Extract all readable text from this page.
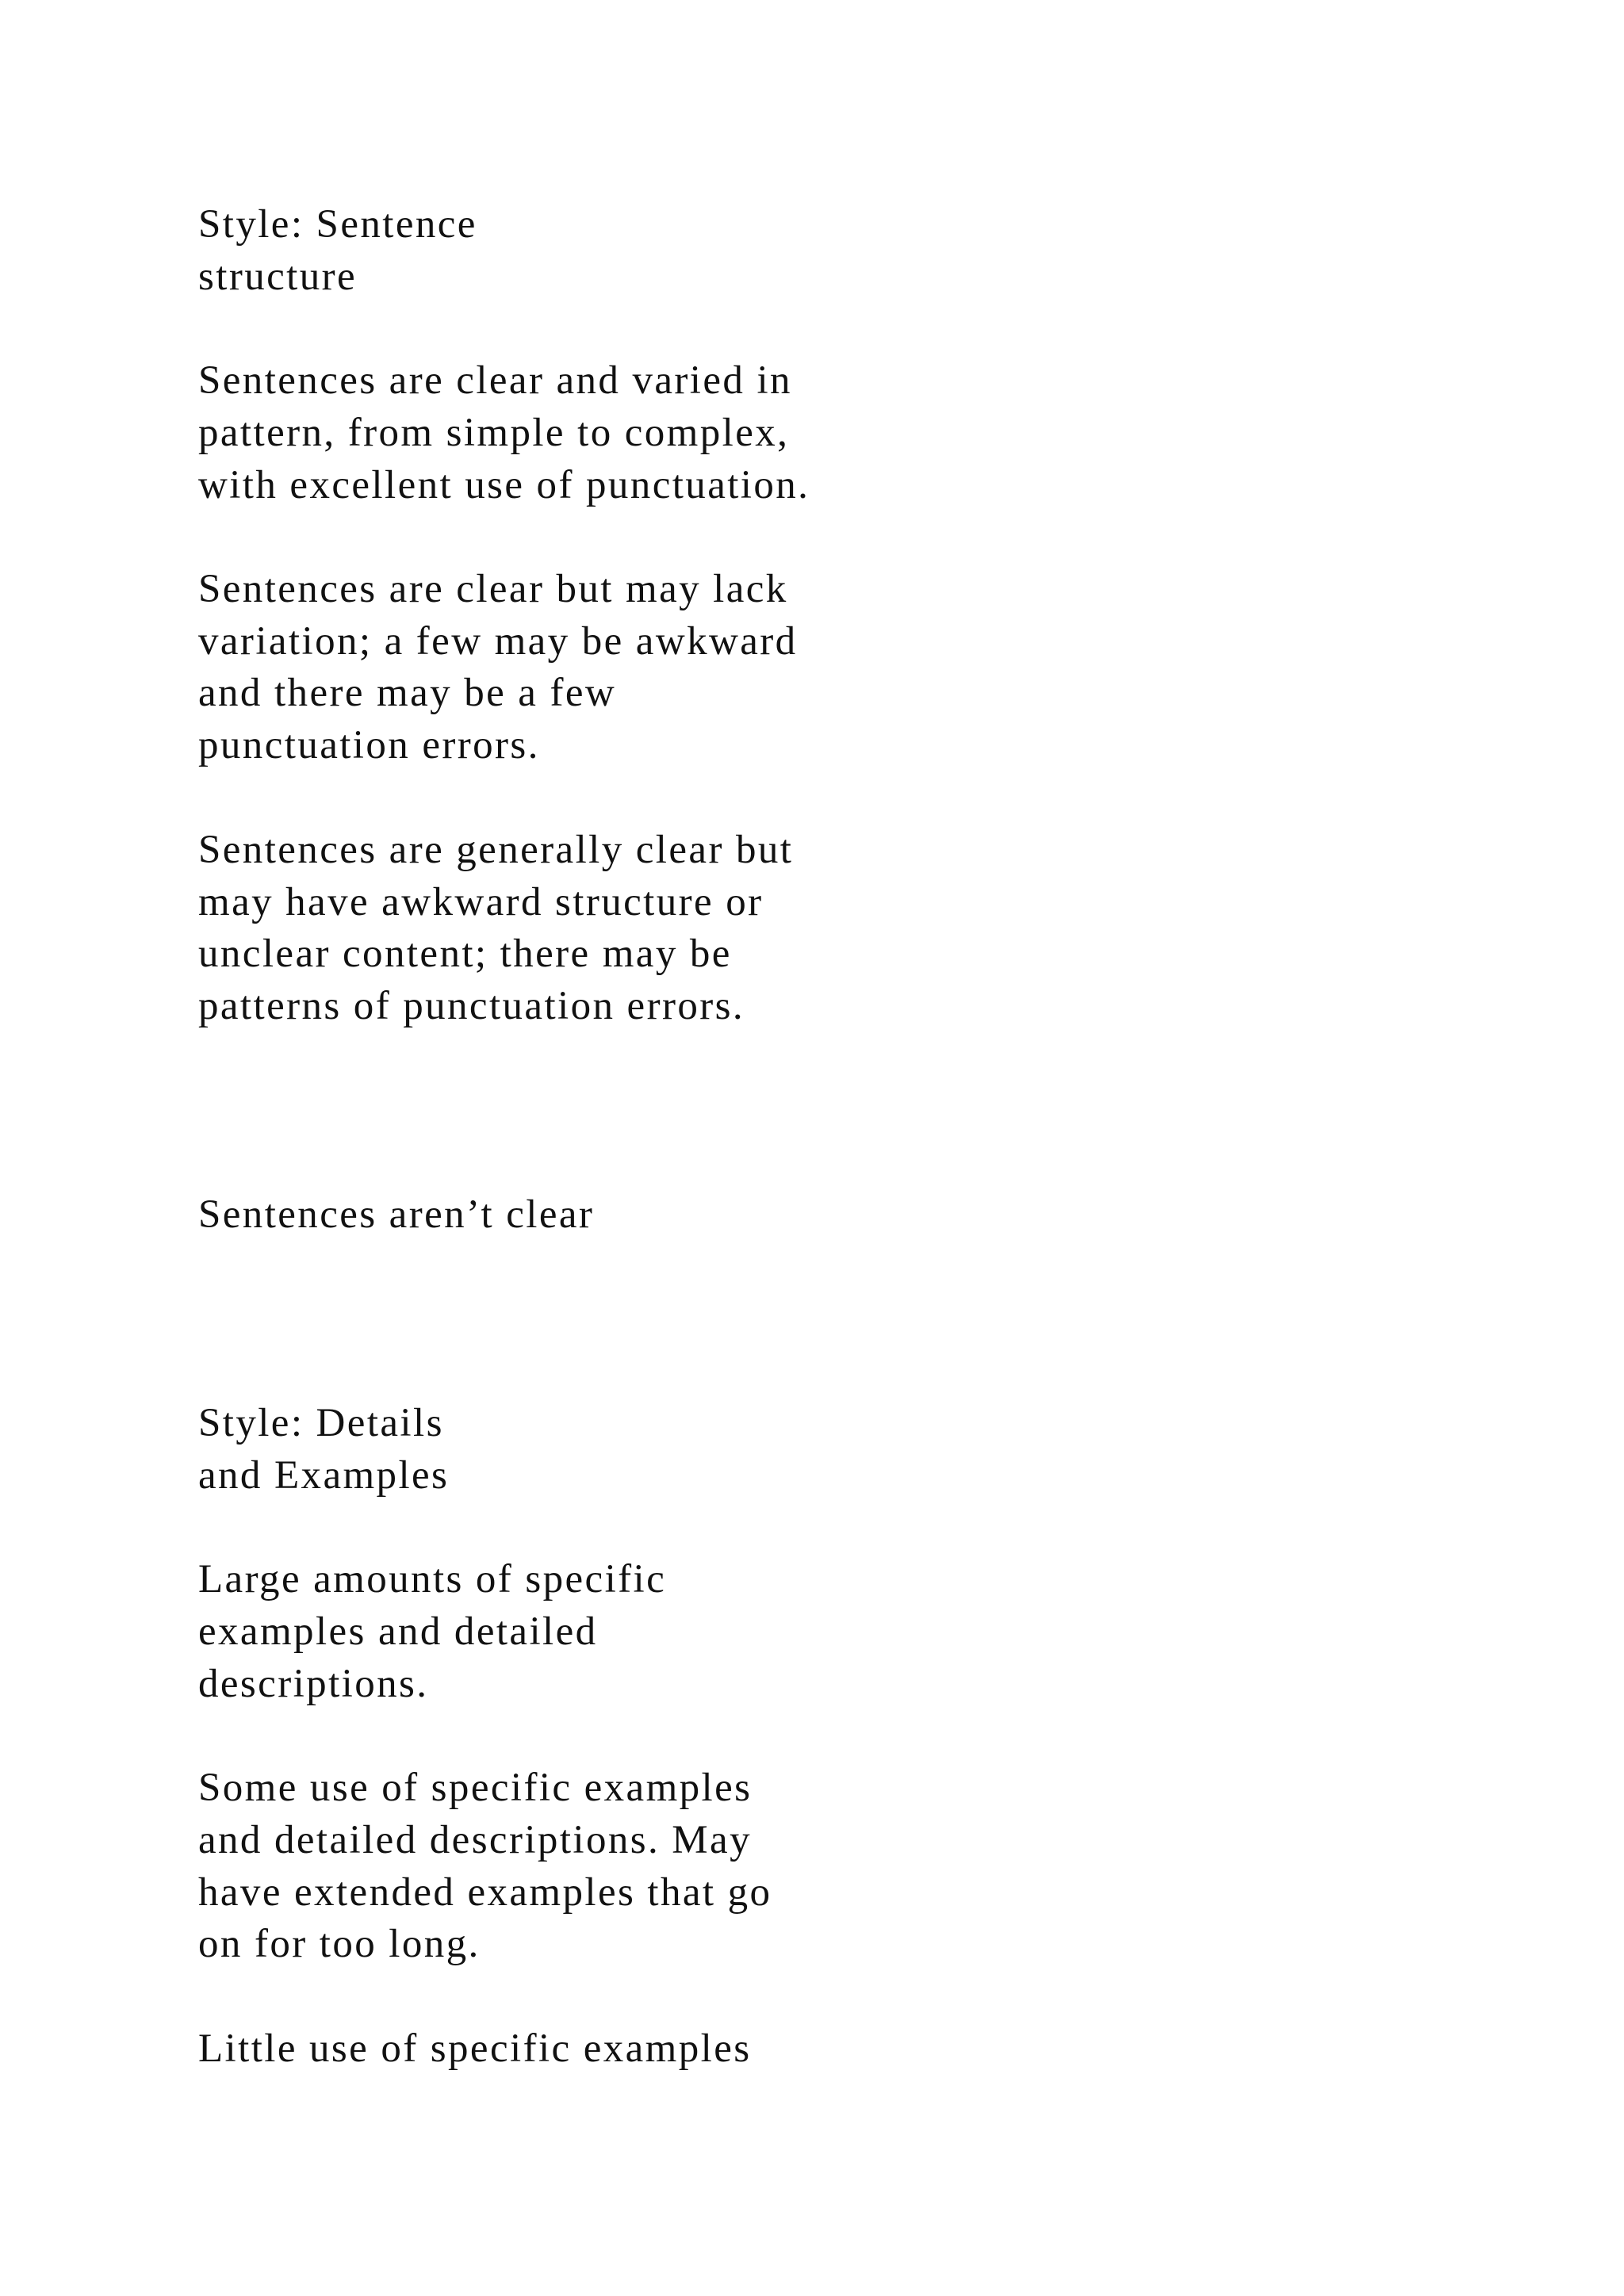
Style: Sentence

structure

Sentences are clear and varied in

pattern, from simple to complex,

with excellent use of punctuation.

Sentences are clear but may lack

variation; a few may be awkward

and there may be a few

punctuation errors.

Sentences are generally clear but

may have awkward structure or

unclear content; there may be

patterns of punctuation errors.

Sentences aren’t clear

Style: Details

and Examples

Large amounts of specific

examples and detailed

descriptions.

Some use of specific examples

and detailed descriptions. May

have extended examples that go

on for too long.

Little use of specific examples
